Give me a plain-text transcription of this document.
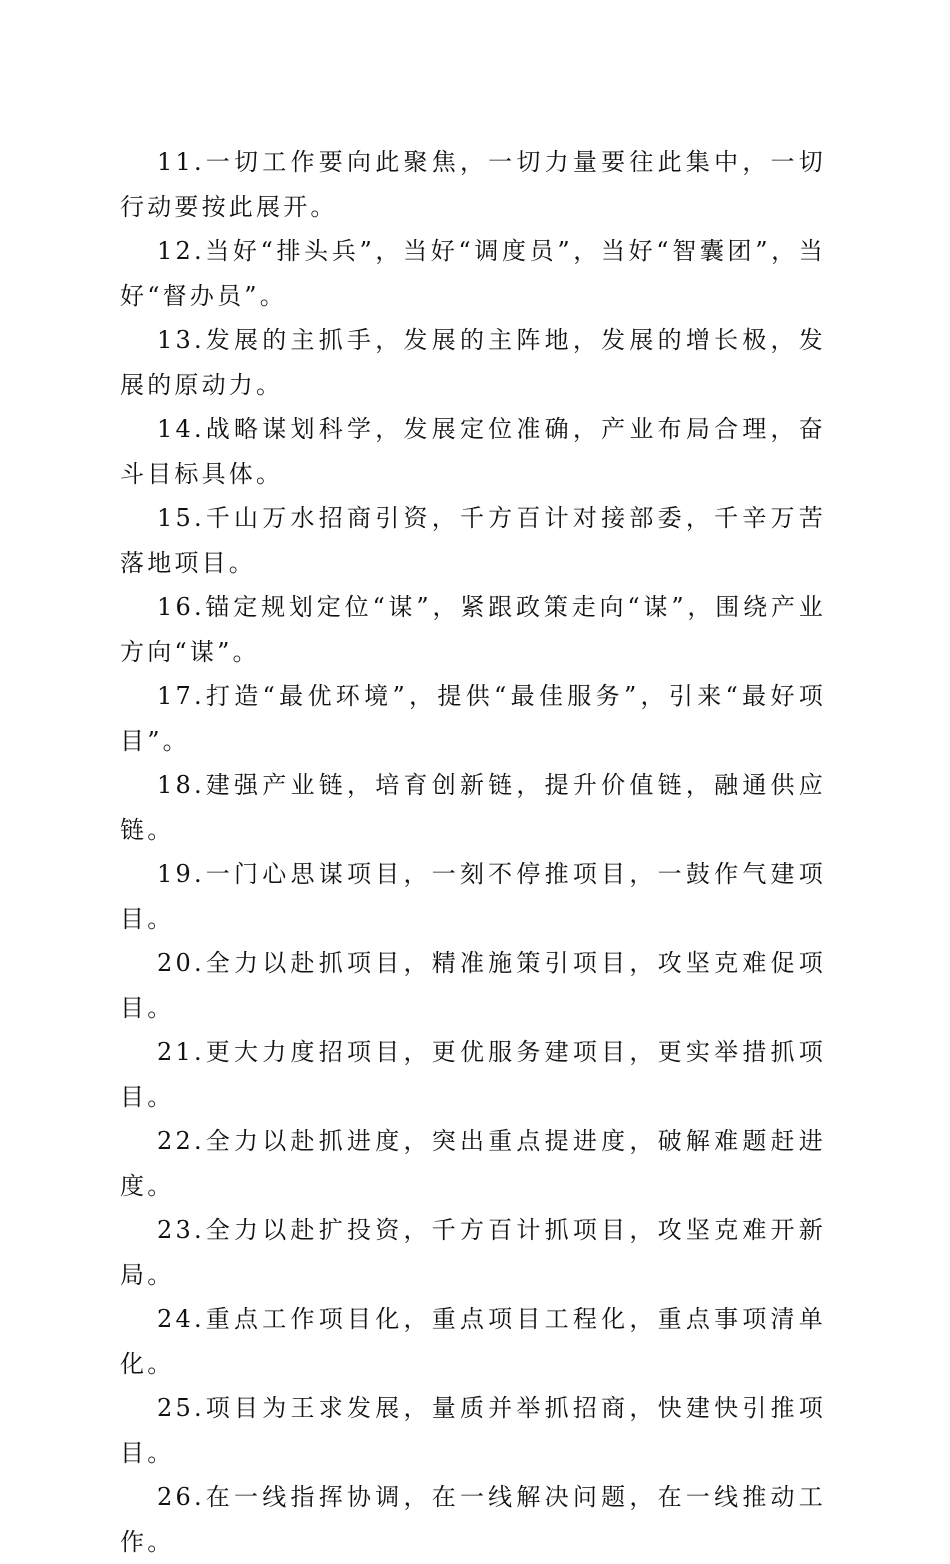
11.一切工作要向此聚焦，一切力量要往此集中，一切行动要按此展开。

12.当好“排头兵”，当好“调度员”，当好“智囊团”，当好“督办员”。

13.发展的主抓手，发展的主阵地，发展的增长极，发展的原动力。

14.战略谋划科学，发展定位准确，产业布局合理，奋斗目标具体。

15.千山万水招商引资，千方百计对接部委，千辛万苦落地项目。

16.锚定规划定位“谋”，紧跟政策走向“谋”，围绕产业方向“谋”。

17.打造“最优环境”，提供“最佳服务”，引来“最好项目”。

18.建强产业链，培育创新链，提升价值链，融通供应链。

19.一门心思谋项目，一刻不停推项目，一鼓作气建项目。

20.全力以赴抓项目，精准施策引项目，攻坚克难促项目。

21.更大力度招项目，更优服务建项目，更实举措抓项目。

22.全力以赴抓进度，突出重点提进度，破解难题赶进度。

23.全力以赴扩投资，千方百计抓项目，攻坚克难开新局。

24.重点工作项目化，重点项目工程化，重点事项清单化。

25.项目为王求发展，量质并举抓招商，快建快引推项目。

26.在一线指挥协调，在一线解决问题，在一线推动工作。
